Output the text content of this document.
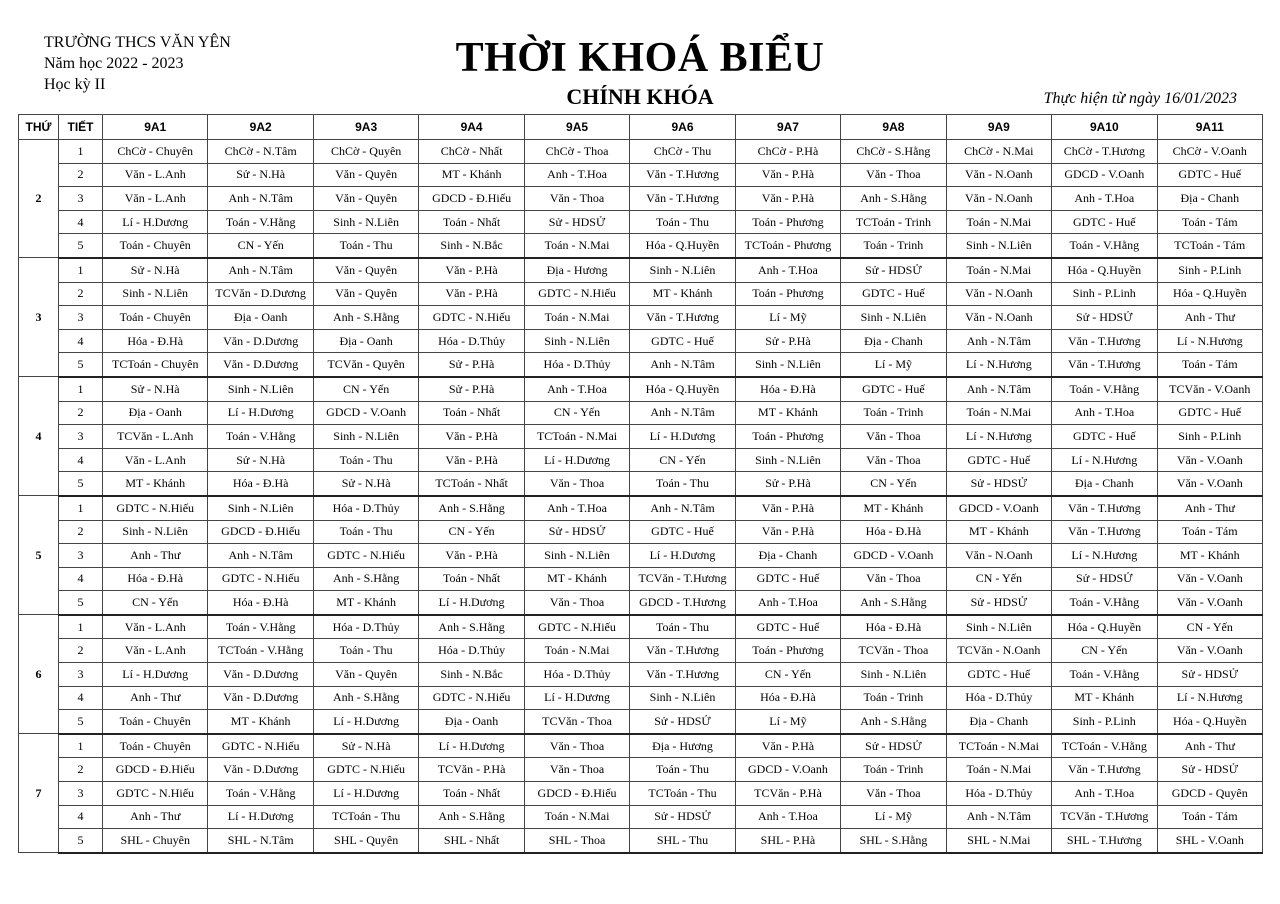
TRƯỜNG THCS VĂN YÊN
Năm học 2022 - 2023
Học kỳ II
THỜI KHOÁ BIỂU
CHÍNH KHÓA	Thực hiện từ ngày 16/01/2023
THỨ	TIẾT	9A1	9A2	9A3	9A4	9A5	9A6	9A7	9A8	9A9	9A10	9A11
2	1	ChCờ - Chuyên	ChCờ - N.Tâm	ChCờ - Quyên	ChCờ - Nhất	ChCờ - Thoa	ChCờ - Thu	ChCờ - P.Hà	ChCờ - S.Hằng	ChCờ - N.Mai	ChCờ - T.Hương	ChCờ - V.Oanh
	2	Văn - L.Anh	Sử - N.Hà	Văn - Quyên	MT - Khánh	Anh - T.Hoa	Văn - T.Hương	Văn - P.Hà	Văn - Thoa	Văn - N.Oanh	GDCD - V.Oanh	GDTC - Huế
	3	Văn - L.Anh	Anh - N.Tâm	Văn - Quyên	GDCD - Đ.Hiếu	Văn - Thoa	Văn - T.Hương	Văn - P.Hà	Anh - S.Hằng	Văn - N.Oanh	Anh - T.Hoa	Địa - Chanh
	4	Lí - H.Dương	Toán - V.Hằng	Sinh - N.Liên	Toán - Nhất	Sử - HDSỬ	Toán - Thu	Toán - Phương	TCToán - Trinh	Toán - N.Mai	GDTC - Huế	Toán - Tám
	5	Toán - Chuyên	CN - Yến	Toán - Thu	Sinh - N.Bắc	Toán - N.Mai	Hóa - Q.Huyền	TCToán - Phương	Toán - Trinh	Sinh - N.Liên	Toán - V.Hằng	TCToán - Tám
3	1	Sử - N.Hà	Anh - N.Tâm	Văn - Quyên	Văn - P.Hà	Địa - Hương	Sinh - N.Liên	Anh - T.Hoa	Sử - HDSỬ	Toán - N.Mai	Hóa - Q.Huyền	Sinh - P.Linh
	2	Sinh - N.Liên	TCVăn - D.Dương	Văn - Quyên	Văn - P.Hà	GDTC - N.Hiếu	MT - Khánh	Toán - Phương	GDTC - Huế	Văn - N.Oanh	Sinh - P.Linh	Hóa - Q.Huyền
	3	Toán - Chuyên	Địa - Oanh	Anh - S.Hằng	GDTC - N.Hiếu	Toán - N.Mai	Văn - T.Hương	Lí - Mỹ	Sinh - N.Liên	Văn - N.Oanh	Sử - HDSỬ	Anh - Thư
	4	Hóa - Đ.Hà	Văn - D.Dương	Địa - Oanh	Hóa - D.Thủy	Sinh - N.Liên	GDTC - Huế	Sử - P.Hà	Địa - Chanh	Anh - N.Tâm	Văn - T.Hương	Lí - N.Hương
	5	TCToán - Chuyên	Văn - D.Dương	TCVăn - Quyên	Sử - P.Hà	Hóa - D.Thủy	Anh - N.Tâm	Sinh - N.Liên	Lí - Mỹ	Lí - N.Hương	Văn - T.Hương	Toán - Tám
4	1	Sử - N.Hà	Sinh - N.Liên	CN - Yến	Sử - P.Hà	Anh - T.Hoa	Hóa - Q.Huyền	Hóa - Đ.Hà	GDTC - Huế	Anh - N.Tâm	Toán - V.Hằng	TCVăn - V.Oanh
	2	Địa - Oanh	Lí - H.Dương	GDCD - V.Oanh	Toán - Nhất	CN - Yến	Anh - N.Tâm	MT - Khánh	Toán - Trinh	Toán - N.Mai	Anh - T.Hoa	GDTC - Huế
	3	TCVăn - L.Anh	Toán - V.Hằng	Sinh - N.Liên	Văn - P.Hà	TCToán - N.Mai	Lí - H.Dương	Toán - Phương	Văn - Thoa	Lí - N.Hương	GDTC - Huế	Sinh - P.Linh
	4	Văn - L.Anh	Sử - N.Hà	Toán - Thu	Văn - P.Hà	Lí - H.Dương	CN - Yến	Sinh - N.Liên	Văn - Thoa	GDTC - Huế	Lí - N.Hương	Văn - V.Oanh
	5	MT - Khánh	Hóa - Đ.Hà	Sử - N.Hà	TCToán - Nhất	Văn - Thoa	Toán - Thu	Sử - P.Hà	CN - Yến	Sử - HDSỬ	Địa - Chanh	Văn - V.Oanh
5	1	GDTC - N.Hiếu	Sinh - N.Liên	Hóa - D.Thủy	Anh - S.Hằng	Anh - T.Hoa	Anh - N.Tâm	Văn - P.Hà	MT - Khánh	GDCD - V.Oanh	Văn - T.Hương	Anh - Thư
	2	Sinh - N.Liên	GDCD - Đ.Hiếu	Toán - Thu	CN - Yến	Sử - HDSỬ	GDTC - Huế	Văn - P.Hà	Hóa - Đ.Hà	MT - Khánh	Văn - T.Hương	Toán - Tám
	3	Anh - Thư	Anh - N.Tâm	GDTC - N.Hiếu	Văn - P.Hà	Sinh - N.Liên	Lí - H.Dương	Địa - Chanh	GDCD - V.Oanh	Văn - N.Oanh	Lí - N.Hương	MT - Khánh
	4	Hóa - Đ.Hà	GDTC - N.Hiếu	Anh - S.Hằng	Toán - Nhất	MT - Khánh	TCVăn - T.Hương	GDTC - Huế	Văn - Thoa	CN - Yến	Sử - HDSỬ	Văn - V.Oanh
	5	CN - Yến	Hóa - Đ.Hà	MT - Khánh	Lí - H.Dương	Văn - Thoa	GDCD - T.Hương	Anh - T.Hoa	Anh - S.Hằng	Sử - HDSỬ	Toán - V.Hằng	Văn - V.Oanh
6	1	Văn - L.Anh	Toán - V.Hằng	Hóa - D.Thủy	Anh - S.Hằng	GDTC - N.Hiếu	Toán - Thu	GDTC - Huế	Hóa - Đ.Hà	Sinh - N.Liên	Hóa - Q.Huyền	CN - Yến
	2	Văn - L.Anh	TCToán - V.Hằng	Toán - Thu	Hóa - D.Thủy	Toán - N.Mai	Văn - T.Hương	Toán - Phương	TCVăn - Thoa	TCVăn - N.Oanh	CN - Yến	Văn - V.Oanh
	3	Lí - H.Dương	Văn - D.Dương	Văn - Quyên	Sinh - N.Bắc	Hóa - D.Thủy	Văn - T.Hương	CN - Yến	Sinh - N.Liên	GDTC - Huế	Toán - V.Hằng	Sử - HDSỬ
	4	Anh - Thư	Văn - D.Dương	Anh - S.Hằng	GDTC - N.Hiếu	Lí - H.Dương	Sinh - N.Liên	Hóa - Đ.Hà	Toán - Trinh	Hóa - D.Thủy	MT - Khánh	Lí - N.Hương
	5	Toán - Chuyên	MT - Khánh	Lí - H.Dương	Địa - Oanh	TCVăn - Thoa	Sử - HDSỬ	Lí - Mỹ	Anh - S.Hằng	Địa - Chanh	Sinh - P.Linh	Hóa - Q.Huyền
7	1	Toán - Chuyên	GDTC - N.Hiếu	Sử - N.Hà	Lí - H.Dương	Văn - Thoa	Địa - Hương	Văn - P.Hà	Sử - HDSỬ	TCToán - N.Mai	TCToán - V.Hằng	Anh - Thư
	2	GDCD - Đ.Hiếu	Văn - D.Dương	GDTC - N.Hiếu	TCVăn - P.Hà	Văn - Thoa	Toán - Thu	GDCD - V.Oanh	Toán - Trinh	Toán - N.Mai	Văn - T.Hương	Sử - HDSỬ
	3	GDTC - N.Hiếu	Toán - V.Hằng	Lí - H.Dương	Toán - Nhất	GDCD - Đ.Hiếu	TCToán - Thu	TCVăn - P.Hà	Văn - Thoa	Hóa - D.Thủy	Anh - T.Hoa	GDCD - Quyên
	4	Anh - Thư	Lí - H.Dương	TCToán - Thu	Anh - S.Hằng	Toán - N.Mai	Sử - HDSỬ	Anh - T.Hoa	Lí - Mỹ	Anh - N.Tâm	TCVăn - T.Hương	Toán - Tám
	5	SHL - Chuyên	SHL - N.Tâm	SHL - Quyên	SHL - Nhất	SHL - Thoa	SHL - Thu	SHL - P.Hà	SHL - S.Hằng	SHL - N.Mai	SHL - T.Hương	SHL - V.Oanh
